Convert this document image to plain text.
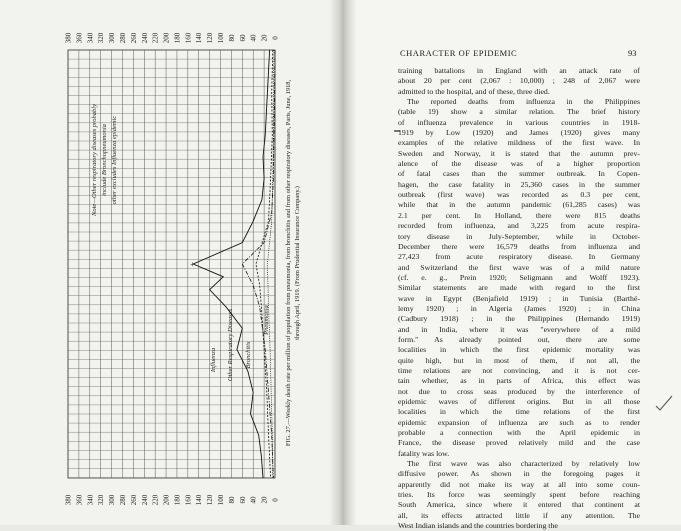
+
380 360 340 320 300 280 260 240 220 200 180 160 140 120 100 80 60 40 20 0
380 360 340 320 300 280 260 240 220 200 180 160 140 120 100 80 60 40 20 0
Note—Other respiratory diseases probably include Bronchopneumonia other excludes Influenza epidemic
Influenza	Bronchitis
Other Respiratory Diseases	Pneumonia FIG. 27.—Weekly death rate per million of population from pneumonia, from bronchitis and from other respiratory diseases, Paris, June, 1918, through April, 1919. (From Prudential Insurance Company.)
CHARACTER OF EPIDEMIC	93
training battalions in England with an attack rate of
about 20 per cent (2,067 : 10,000) ; 248 of 2,067 were
admitted to the hospital, and of these, three died.
The reported deaths from influenza in the Philippines
(table 19) show a similar relation. The brief history
of influenza prevalence in various countries in 1918-
1919 by Low (1920) and James (1920) gives many
examples of the relative mildness of the first wave. In
Sweden and Norway, it is stated that the autumn prev-
alence of the disease was of a higher proportion
of fatal cases than the summer outbreak. In Copen-
hagen, the case fatality in 25,360 cases in the summer
outbreak (first wave) was recorded as 0.3 per cent,
while that in the autumn pandemic (61,285 cases) was
2.1 per cent. In Holland, there were 815 deaths
recorded from influenza, and 3,225 from acute respira-
tory disease in July-September, while in October-
December there were 16,579 deaths from influenza and
27,423 from acute respiratory disease. In Germany
and Switzerland the first wave was of a mild nature
(cf. e. g., Prein 1920; Seligmann and Wolff 1923).
Similar statements are made with regard to the first
wave in Egypt (Benjafield 1919) ; in Tunisia (Barthé-
lemy 1920) ; in Algeria (James 1920) ; in China
(Cadbury 1918) ; in the Philippines (Hernando 1919)
and in India, where it was "everywhere of a mild
form." As already pointed out, there are some
localities in which the first epidemic mortality was
quite high, but in most of them, if not all, the
time relations are not convincing, and it is not cer-
tain whether, as in parts of Africa, this effect was
not due to cross seas produced by the interference of
epidemic waves of different origins. But in all those
localities in which the time relations of the first
epidemic expansion of influenza are such as to render
probable a connection with the April epidemic in
France, the disease proved relatively mild and the case
fatality was low.
The first wave was also characterized by relatively low
diffusive power. As shown in the foregoing pages it
apparently did not make its way at all into some coun-
tries. Its force was seemingly spent before reaching
South America, since where it entered that continent at
all, its effects attracted little if any attention. The
West Indian islands and the countries bordering the
